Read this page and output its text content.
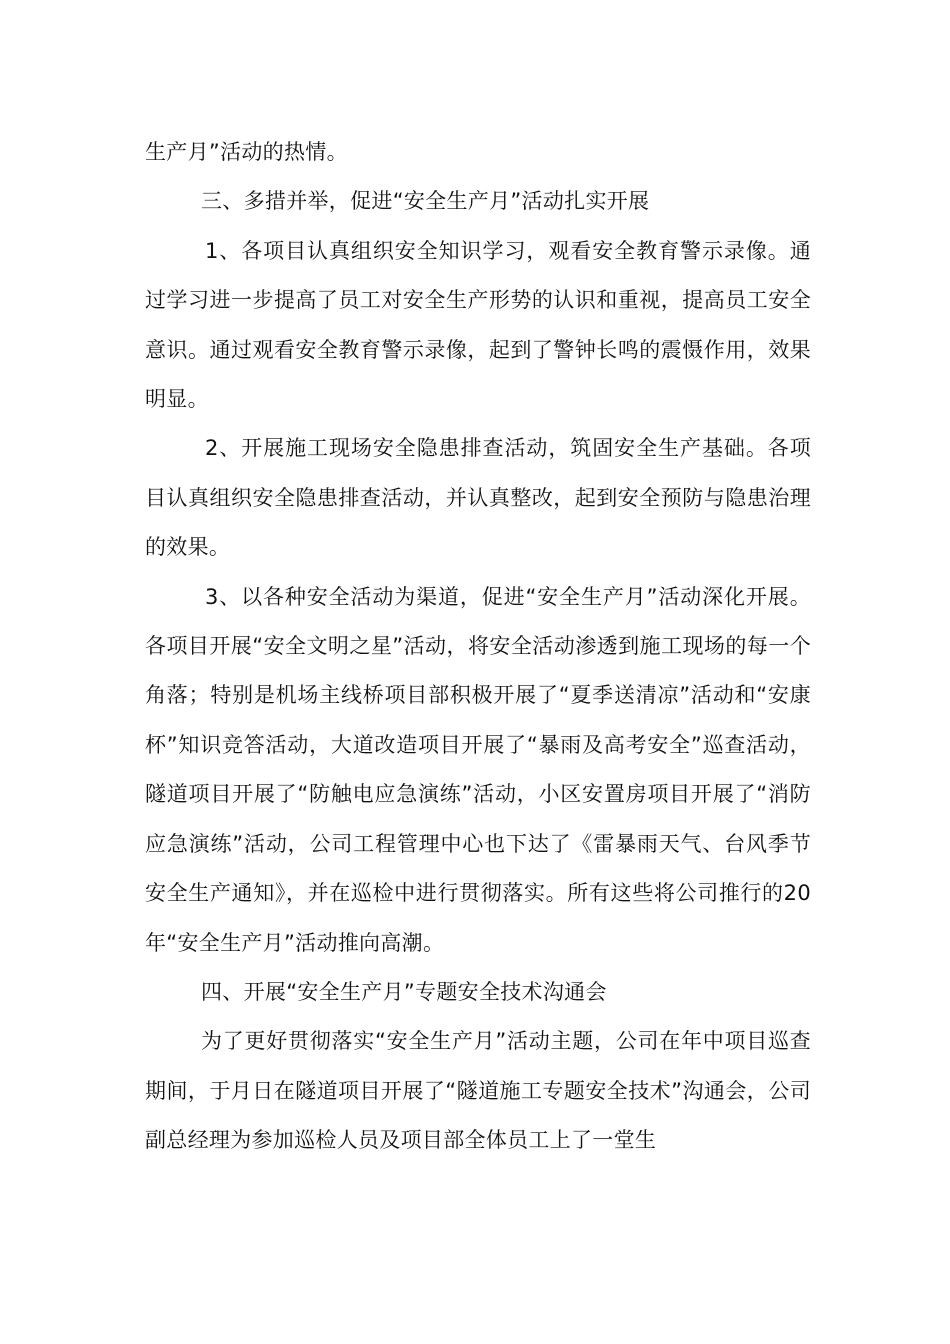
生产月”活动的热情。

三、多措并举，促进“安全生产月”活动扎实开展

1、各项目认真组织安全知识学习，观看安全教育警示录像。通过学习进一步提高了员工对安全生产形势的认识和重视，提高员工安全意识。通过观看安全教育警示录像，起到了警钟长鸣的震慑作用，效果明显。

2、开展施工现场安全隐患排查活动，筑固安全生产基础。各项目认真组织安全隐患排查活动，并认真整改，起到安全预防与隐患治理的效果。

3、以各种安全活动为渠道，促进“安全生产月”活动深化开展。各项目开展“安全文明之星”活动，将安全活动渗透到施工现场的每一个角落；特别是机场主线桥项目部积极开展了“夏季送清凉”活动和“安康杯”知识竞答活动，大道改造项目开展了“暴雨及高考安全”巡查活动，隧道项目开展了“防触电应急演练”活动，小区安置房项目开展了“消防应急演练”活动，公司工程管理中心也下达了《雷暴雨天气、台风季节安全生产通知》，并在巡检中进行贯彻落实。所有这些将公司推行的20年“安全生产月”活动推向高潮。

四、开展“安全生产月”专题安全技术沟通会

为了更好贯彻落实“安全生产月”活动主题，公司在年中项目巡查期间，于月日在隧道项目开展了“隧道施工专题安全技术”沟通会，公司副总经理为参加巡检人员及项目部全体员工上了一堂生
